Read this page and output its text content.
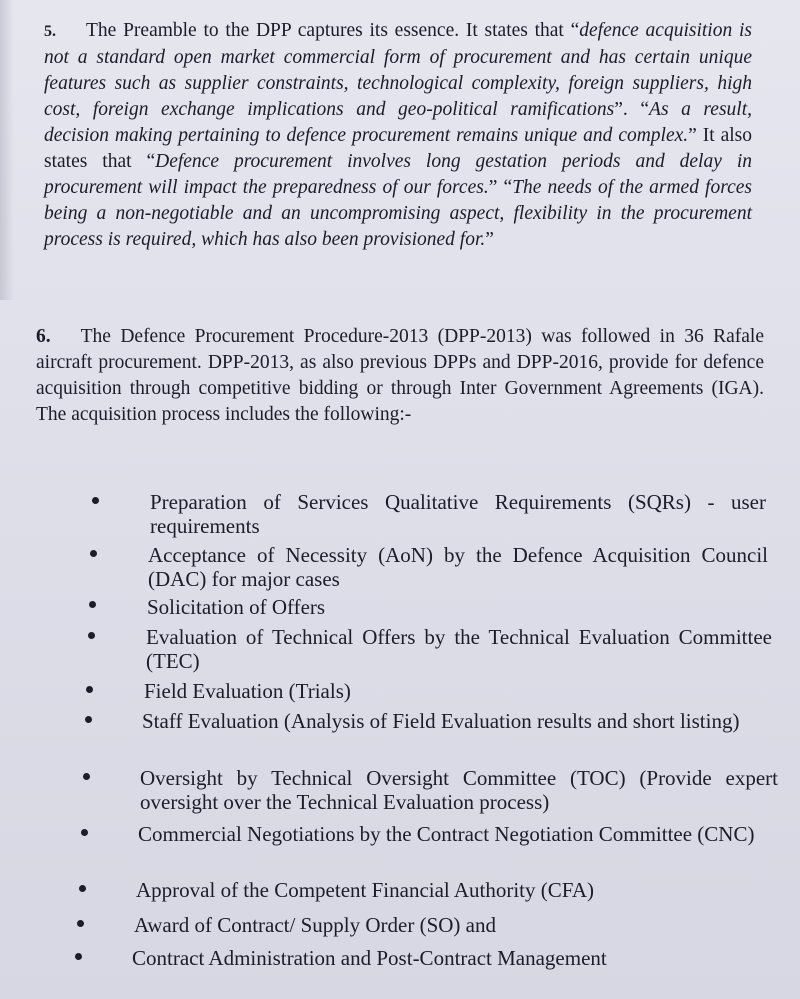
5. The Preamble to the DPP captures its essence. It states that “defence acquisition is not a standard open market commercial form of procurement and has certain unique features such as supplier constraints, technological complexity, foreign suppliers, high cost, foreign exchange implications and geo-political ramifications”. “As a result, decision making pertaining to defence procurement remains unique and complex.” It also states that “Defence procurement involves long gestation periods and delay in procurement will impact the preparedness of our forces.” “The needs of the armed forces being a non-negotiable and an uncompromising aspect, flexibility in the procurement process is required, which has also been provisioned for.”

6. The Defence Procurement Procedure-2013 (DPP-2013) was followed in 36 Rafale aircraft procurement. DPP-2013, as also previous DPPs and DPP-2016, provide for defence acquisition through competitive bidding or through Inter Government Agreements (IGA). The acquisition process includes the following:-

Preparation of Services Qualitative Requirements (SQRs) - user requirements
Acceptance of Necessity (AoN) by the Defence Acquisition Council (DAC) for major cases
Solicitation of Offers
Evaluation of Technical Offers by the Technical Evaluation Committee (TEC)
Field Evaluation (Trials)
Staff Evaluation (Analysis of Field Evaluation results and short listing)
Oversight by Technical Oversight Committee (TOC) (Provide expert oversight over the Technical Evaluation process)
Commercial Negotiations by the Contract Negotiation Committee (CNC)
Approval of the Competent Financial Authority (CFA)
Award of Contract/ Supply Order (SO) and
Contract Administration and Post-Contract Management
